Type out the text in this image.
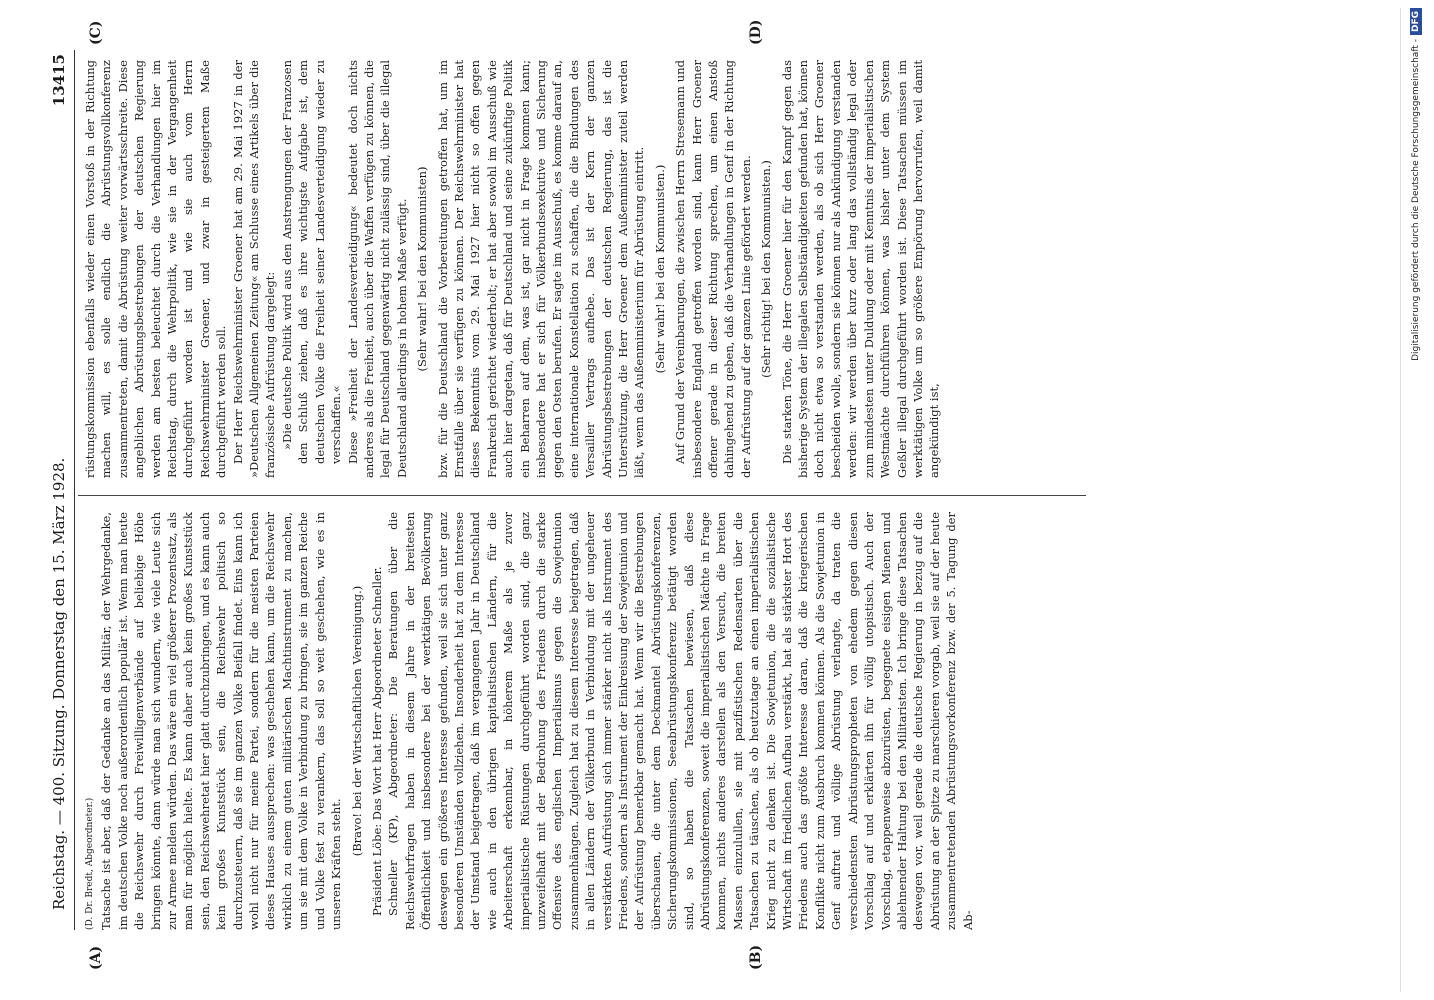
Reichstag. — 400. Sitzung. Donnerstag den 15. März 1928.
13415

(D. Dr. Bredt, Abgeordneter.) Tatsache ist aber, daß der Gedanke an das Militär, der Wehrgedanke, im deutschen Volke noch außerordentlich populär ist. Wenn man heute die Reichswehr durch Freiwilligenverbände auf beliebige Höhe bringen könnte, dann würde man sich wundern, wie viele Leute sich zur Armee melden würden. Das wäre ein viel größerer Prozentsatz, als man für möglich hielte. Es kann daher auch kein großes Kunststück sein, den Reichswehretat hier glatt durchzubringen, und es kann auch kein großes Kunststück sein, die Reichswehr politisch so durchzusteuern, daß sie im ganzen Volke Beifall findet. Eins kann ich wohl nicht nur für meine Partei, sondern für die meisten Parteien dieses Hauses aussprechen: was geschehen kann, um die Reichswehr wirklich zu einem guten militärischen Machtinstrument zu machen, um sie mit dem Volke in Verbindung zu bringen, sie im ganzen Reiche und Volke fest zu verankern, das soll so weit geschehen, wie es in unseren Kräften steht.

(Bravo! bei der Wirtschaftlichen Vereinigung.) Präsident Löbe: Das Wort hat Herr Abgeordneter Schneller. Schneller (KP), Abgeordneter: Die Beratungen über die Reichswehrfragen haben in diesem Jahre in der breitesten Öffentlichkeit und insbesondere bei der werktätigen Bevölkerung deswegen ein größeres Interesse gefunden, weil sie sich unter ganz besonderen Umständen vollziehen. Insonderheit hat zu dem Interesse der Umstand beigetragen, daß im vergangenen Jahr in Deutschland wie auch in den übrigen kapitalistischen Ländern, für die Arbeiterschaft erkennbar, in höherem Maße als je zuvor imperialistische Rüstungen durchgeführt worden sind, die ganz unzweifelhaft mit der Bedrohung des Friedens durch die starke Offensive des englischen Imperialismus gegen die Sowjetunion zusammenhängen. Zugleich hat zu diesem Interesse beigetragen, daß in allen Ländern der Völkerbund in Verbindung mit der ungeheuer verstärkten Aufrüstung sich immer stärker nicht als Instrument des Friedens, sondern als Instrument der Einkreisung der Sowjetunion und der Aufrüstung bemerkbar gemacht hat. Wenn wir die Bestrebungen überschauen, die unter dem Deckmantel Abrüstungskonferenzen, Sicherungskommissionen, Seeabrüstungskonferenz betätigt worden sind, so haben die Tatsachen bewiesen, daß diese Abrüstungskonferenzen, soweit die imperialistischen Mächte in Frage kommen, nichts anderes darstellen als den Versuch, die breiten Massen einzulullen, sie mit pazifistischen Redensarten über die Tatsachen zu täuschen, als ob heutzutage an einen imperialistischen Krieg nicht zu denken ist. Die Sowjetunion, die die sozialistische Wirtschaft im friedlichen Aufbau verstärkt, hat als stärkster Hort des Friedens auch das größte Interesse daran, daß die kriegerischen Konflikte nicht zum Ausbruch kommen können. Als die Sowjetunion in Genf auftrat und völlige Abrüstung verlangte, da traten die verschiedensten Abrüstungspropheten von ehedem gegen diesen Vorschlag auf und erklärten ihn für völlig utopistisch. Auch der Vorschlag, etappenweise abzurüsten, begegnete eisigen Mienen und ablehnender Haltung bei den Militaristen. Ich bringe diese Tatsachen deswegen vor, weil gerade die deutsche Regierung in bezug auf die Abrüstung an der Spitze zu marschieren vorgab, weil sie auf der heute zusammentretenden Abrüstungsvorkonferenz bzw. der 5. Tagung der Ab-

rüstungskommission ebenfalls wieder einen Vorstoß in der Richtung machen will, es solle endlich die Abrüstungsvollkonferenz zusammentreten, damit die Abrüstung weiter vorwärtsschreite. Diese angeblichen Abrüstungsbestrebungen der deutschen Regierung werden am besten beleuchtet durch die Verhandlungen hier im Reichstag, durch die Wehrpolitik, wie sie in der Vergangenheit durchgeführt worden ist und wie sie auch vom Herrn Reichswehrminister Groener, und zwar in gesteigertem Maße durchgeführt werden soll. Der Herr Reichswehrminister Groener hat am 29. Mai 1927 in der »Deutschen Allgemeinen Zeitung« am Schlusse eines Artikels über die französische Aufrüstung dargelegt: »Die deutsche Politik wird aus den Anstrengungen der Franzosen den Schluß ziehen, daß es ihre wichtigste Aufgabe ist, dem deutschen Volke die Freiheit seiner Landesverteidigung wieder zu verschaffen.« Diese »Freiheit der Landesverteidigung« bedeutet doch nichts anderes als die Freiheit, auch über die Waffen verfügen zu können, die legal für Deutschland gegenwärtig nicht zulässig sind, über die illegal Deutschland allerdings in hohem Maße verfügt. (Sehr wahr! bei den Kommunisten) bzw. für die Deutschland die Vorbereitungen getroffen hat, um im Ernstfalle über sie verfügen zu können. Der Reichswehrminister hat dieses Bekenntnis vom 29. Mai 1927 hier nicht so offen gegen Frankreich gerichtet wiederholt; er hat aber sowohl im Ausschuß wie auch hier dargetan, daß für Deutschland und seine zukünftige Politik ein Beharren auf dem, was ist, gar nicht in Frage kommen kann; insbesondere hat er sich für Völkerbundsexekutive und Sicherung gegen den Osten berufen. Er sagte im Ausschuß, es komme darauf an, eine internationale Konstellation zu schaffen, die die Bindungen des Versailler Vertrags aufhebe. Das ist der Kern der ganzen Abrüstungsbestrebungen der deutschen Regierung, das ist die Unterstützung, die Herr Groener dem Außenminister zuteil werden läßt, wenn das Außenministerium für Abrüstung eintritt. (Sehr wahr! bei den Kommunisten.) Auf Grund der Vereinbarungen, die zwischen Herrn Stresemann und insbesondere England getroffen worden sind, kann Herr Groener offener gerade in dieser Richtung sprechen, um einen Anstoß dahingehend zu geben, daß die Verhandlungen in Genf in der Richtung der Aufrüstung auf der ganzen Linie gefördert werden. (Sehr richtig! bei den Kommunisten.) Die starken Töne, die Herr Groener hier für den Kampf gegen das bisherige System der illegalen Selbständigkeiten gefunden hat, können doch nicht etwa so verstanden werden, als ob sich Herr Groener bescheiden wolle, sondern sie können nur als Ankündigung verstanden werden: wir werden über kurz oder lang das vollständig legal oder zum mindesten unter Duldung oder mit Kenntnis der imperialistischen Westmächte durchführen können, was bisher unter dem System Geßler illegal durchgeführt worden ist. Diese Tatsachen müssen im werktätigen Volke um so größere Empörung hervorrufen, weil damit angekündigt ist,

(A)	(B)
(C)	(D)
Digitalisierung gefördert durch die Deutsche Forschungsgemeinschaft -DFG
